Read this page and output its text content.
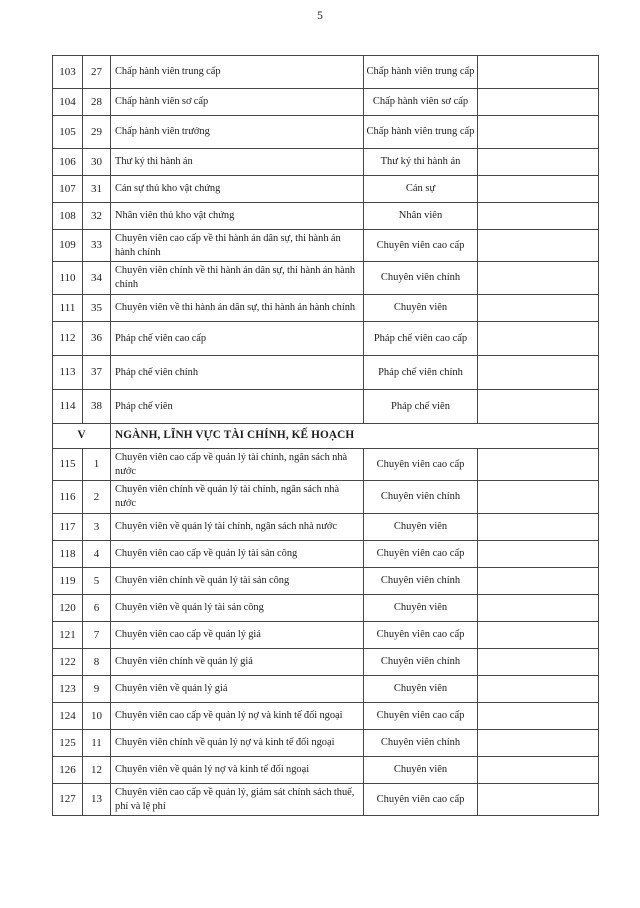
5
103	27	Chấp hành viên trung cấp	Chấp hành viên trung cấp	
104	28	Chấp hành viên sơ cấp	Chấp hành viên sơ cấp	
105	29	Chấp hành viên trưởng	Chấp hành viên trung cấp	
106	30	Thư ký thi hành án	Thư ký thi hành án	
107	31	Cán sự thủ kho vật chứng	Cán sự	
108	32	Nhân viên thủ kho vật chứng	Nhân viên	
109	33	Chuyên viên cao cấp về thi hành án dân sự, thi hành án hành chính	Chuyên viên cao cấp	
110	34	Chuyên viên chính về thi hành án dân sự, thi hành án hành chính	Chuyên viên chính	
111	35	Chuyên viên về thi hành án dân sự, thi hành án hành chính	Chuyên viên	
112	36	Pháp chế viên cao cấp	Pháp chế viên cao cấp	
113	37	Pháp chế viên chính	Pháp chế viên chính	
114	38	Pháp chế viên	Pháp chế viên	
V		NGÀNH, LĨNH VỰC TÀI CHÍNH, KẾ HOẠCH		
115	1	Chuyên viên cao cấp về quản lý tài chính, ngân sách nhà nước	Chuyên viên cao cấp	
116	2	Chuyên viên chính về quản lý tài chính, ngân sách nhà nước	Chuyên viên chính	
117	3	Chuyên viên về quản lý tài chính, ngân sách nhà nước	Chuyên viên	
118	4	Chuyên viên cao cấp về quản lý tài sản công	Chuyên viên cao cấp	
119	5	Chuyên viên chính về quản lý tài sản công	Chuyên viên chính	
120	6	Chuyên viên về quản lý tài sản công	Chuyên viên	
121	7	Chuyên viên cao cấp về quản lý giá	Chuyên viên cao cấp	
122	8	Chuyên viên chính về quản lý giá	Chuyên viên chính	
123	9	Chuyên viên về quản lý giá	Chuyên viên	
124	10	Chuyên viên cao cấp về quản lý nợ và kinh tế đối ngoại	Chuyên viên cao cấp	
125	11	Chuyên viên chính về quản lý nợ và kinh tế đối ngoại	Chuyên viên chính	
126	12	Chuyên viên về quản lý nợ và kinh tế đối ngoại	Chuyên viên	
127	13	Chuyên viên cao cấp về quản lý, giám sát chính sách thuế, phí và lệ phí	Chuyên viên cao cấp	
